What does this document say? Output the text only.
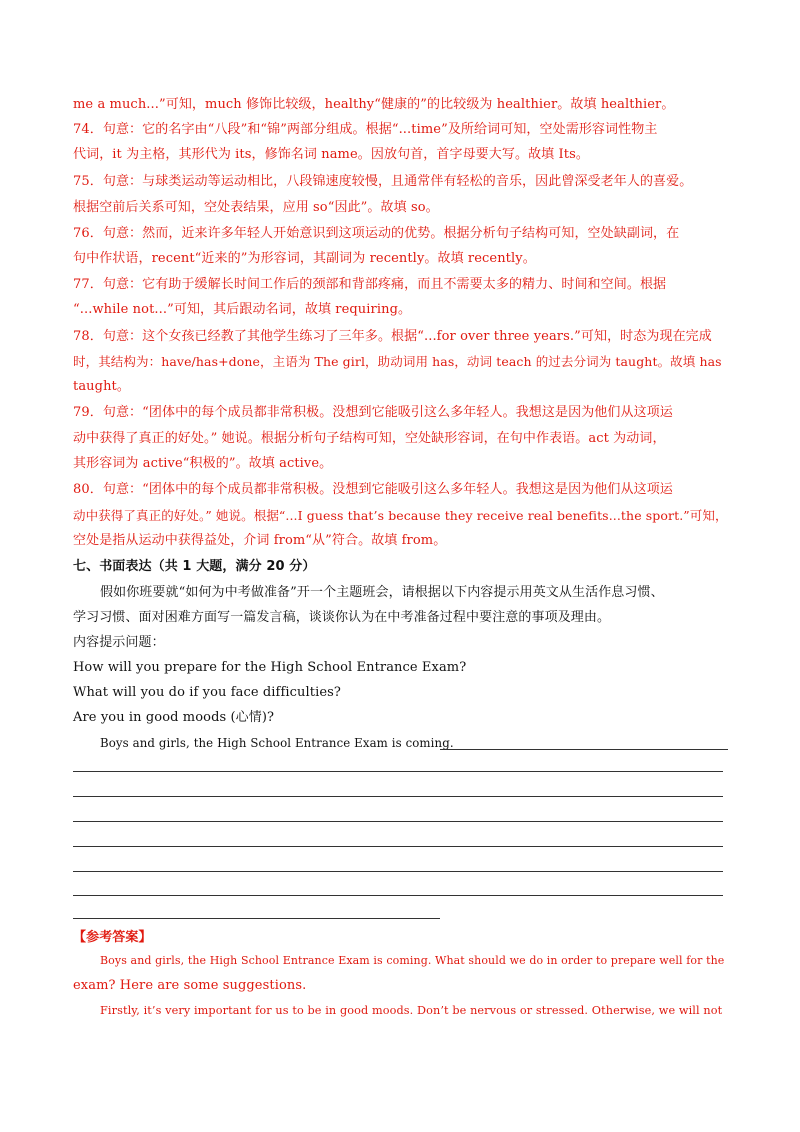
me a much...”可知，much 修饰比较级，healthy“健康的”的比较级为 healthier。故填 healthier。
74．句意：它的名字由“八段”和“锦”两部分组成。根据“...time”及所给词可知，空处需形容词性物主
代词，it 为主格，其形代为 its，修饰名词 name。因放句首，首字母要大写。故填 Its。
75．句意：与球类运动等运动相比，八段锦速度较慢，且通常伴有轻松的音乐，因此曾深受老年人的喜爱。
根据空前后关系可知，空处表结果，应用 so“因此”。故填 so。
76．句意：然而，近来许多年轻人开始意识到这项运动的优势。根据分析句子结构可知，空处缺副词，在
句中作状语，recent“近来的”为形容词，其副词为 recently。故填 recently。
77．句意：它有助于缓解长时间工作后的颈部和背部疼痛，而且不需要太多的精力、时间和空间。根据
“...while not...”可知，其后跟动名词，故填 requiring。
78．句意：这个女孩已经教了其他学生练习了三年多。根据“...for over three years.”可知，时态为现在完成
时，其结构为：have/has+done，主语为 The girl，助动词用 has，动词 teach 的过去分词为 taught。故填 has
taught。
79．句意：“团体中的每个成员都非常积极。没想到它能吸引这么多年轻人。我想这是因为他们从这项运
动中获得了真正的好处。” 她说。根据分析句子结构可知，空处缺形容词，在句中作表语。act 为动词，
其形容词为 active“积极的”。故填 active。
80．句意：“团体中的每个成员都非常积极。没想到它能吸引这么多年轻人。我想这是因为他们从这项运
动中获得了真正的好处。” 她说。根据“...I guess that’s because they receive real benefits...the sport.”可知，
空处是指从运动中获得益处，介词 from“从”符合。故填 from。
七、书面表达（共 1 大题，满分 20 分）
假如你班要就“如何为中考做准备”开一个主题班会，请根据以下内容提示用英文从生活作息习惯、
学习习惯、面对困难方面写一篇发言稿，谈谈你认为在中考准备过程中要注意的事项及理由。
内容提示问题：
How will you prepare for the High School Entrance Exam?
What will you do if you face difficulties?
Are you in good moods (心情)?
Boys and girls, the High School Entrance Exam is coming.
【参考答案】
Boys and girls, the High School Entrance Exam is coming. What should we do in order to prepare well for the
exam? Here are some suggestions.
Firstly, it’s very important for us to be in good moods. Don’t be nervous or stressed. Otherwise, we will not
